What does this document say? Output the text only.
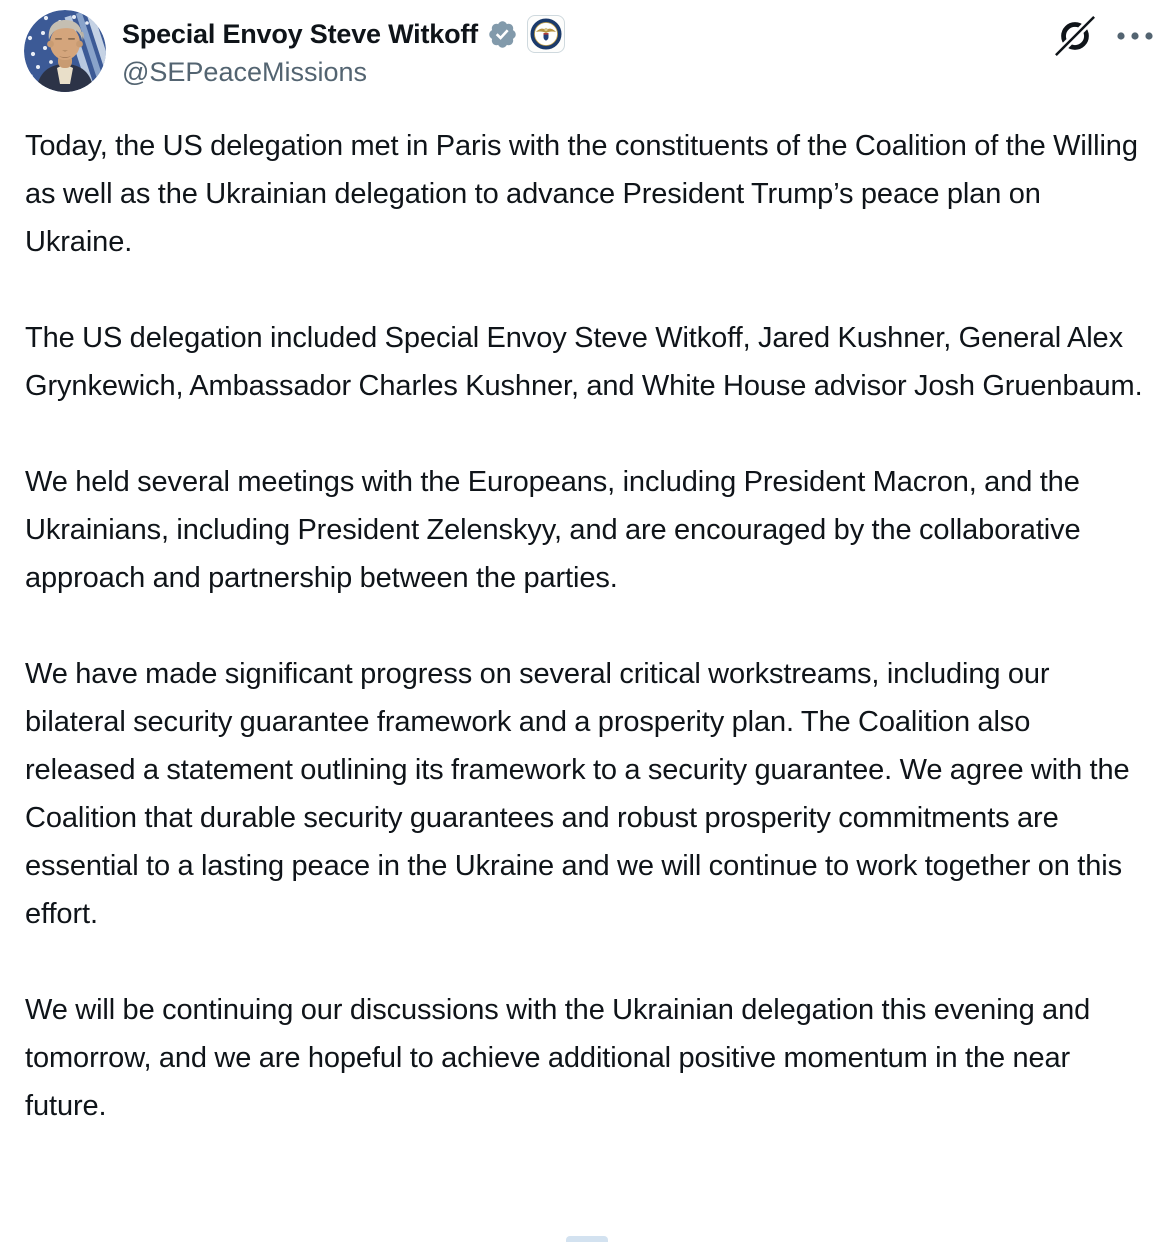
Special Envoy Steve Witkoff
@SEPeaceMissions

Today, the US delegation met in Paris with the constituents of the Coalition of the Willing as well as the Ukrainian delegation to advance President Trump’s peace plan on Ukraine.

The US delegation included Special Envoy Steve Witkoff, Jared Kushner, General Alex Grynkewich, Ambassador Charles Kushner, and White House advisor Josh Gruenbaum.

We held several meetings with the Europeans, including President Macron, and the Ukrainians, including President Zelenskyy, and are encouraged by the collaborative approach and partnership between the parties.

We have made significant progress on several critical workstreams, including our bilateral security guarantee framework and a prosperity plan. The Coalition also released a statement outlining its framework to a security guarantee. We agree with the Coalition that durable security guarantees and robust prosperity commitments are essential to a lasting peace in the Ukraine and we will continue to work together on this effort.

We will be continuing our discussions with the Ukrainian delegation this evening and tomorrow, and we are hopeful to achieve additional positive momentum in the near future.
